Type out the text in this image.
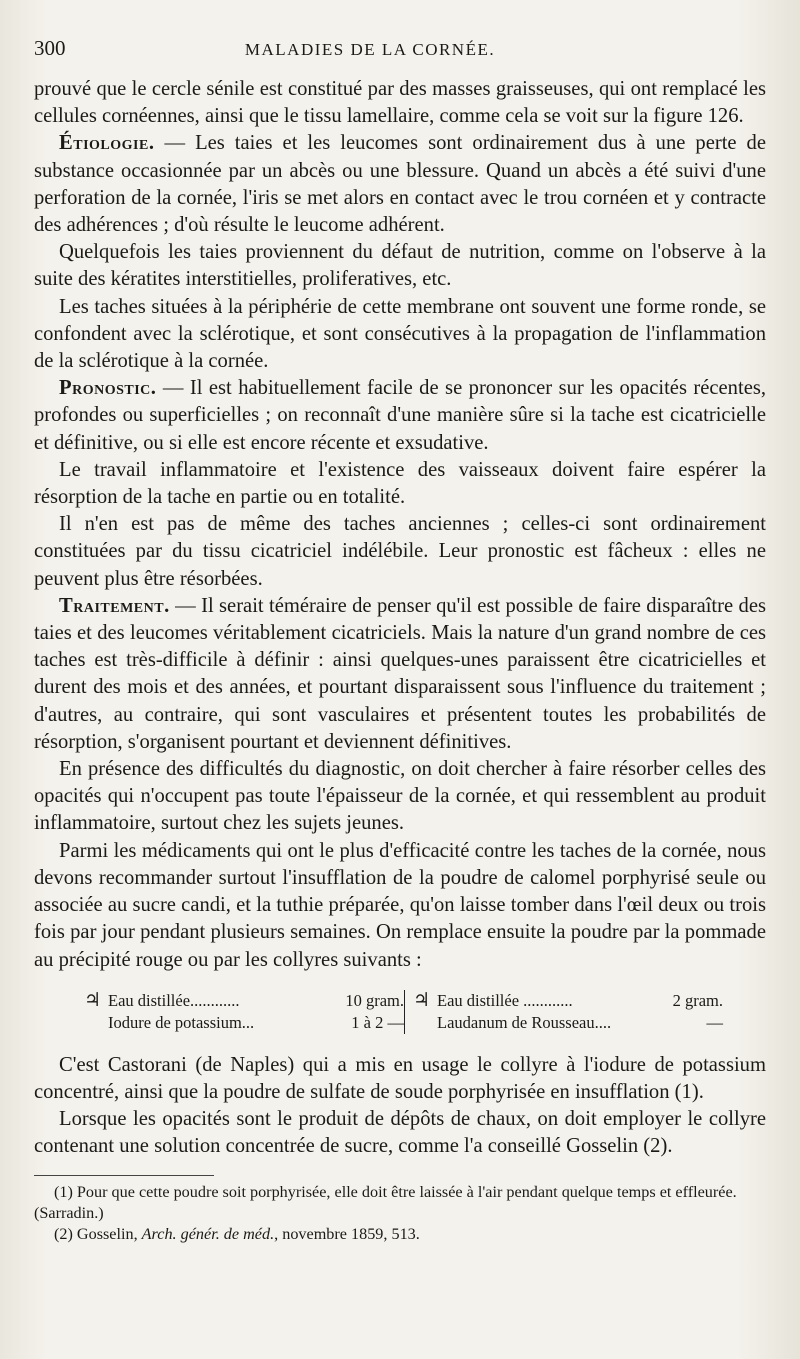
300	MALADIES DE LA CORNÉE.

prouvé que le cercle sénile est constitué par des masses graisseuses, qui ont remplacé les cellules cornéennes, ainsi que le tissu lamellaire, comme cela se voit sur la figure 126.

Étiologie. — Les taies et les leucomes sont ordinairement dus à une perte de substance occasionnée par un abcès ou une blessure. Quand un abcès a été suivi d'une perforation de la cornée, l'iris se met alors en contact avec le trou cornéen et y contracte des adhérences ; d'où résulte le leucome adhérent.

Quelquefois les taies proviennent du défaut de nutrition, comme on l'observe à la suite des kératites interstitielles, proliferatives, etc.

Les taches situées à la périphérie de cette membrane ont souvent une forme ronde, se confondent avec la sclérotique, et sont consécutives à la propagation de l'inflammation de la sclérotique à la cornée.

Pronostic. — Il est habituellement facile de se prononcer sur les opacités récentes, profondes ou superficielles ; on reconnaît d'une manière sûre si la tache est cicatricielle et définitive, ou si elle est encore récente et exsudative.

Le travail inflammatoire et l'existence des vaisseaux doivent faire espérer la résorption de la tache en partie ou en totalité.

Il n'en est pas de même des taches anciennes ; celles-ci sont ordinairement constituées par du tissu cicatriciel indélébile. Leur pronostic est fâcheux : elles ne peuvent plus être résorbées.

Traitement. — Il serait téméraire de penser qu'il est possible de faire disparaître des taies et des leucomes véritablement cicatriciels. Mais la nature d'un grand nombre de ces taches est très-difficile à définir : ainsi quelques-unes paraissent être cicatricielles et durent des mois et des années, et pourtant disparaissent sous l'influence du traitement ; d'autres, au contraire, qui sont vasculaires et présentent toutes les probabilités de résorption, s'organisent pourtant et deviennent définitives.

En présence des difficultés du diagnostic, on doit chercher à faire résorber celles des opacités qui n'occupent pas toute l'épaisseur de la cornée, et qui ressemblent au produit inflammatoire, surtout chez les sujets jeunes.

Parmi les médicaments qui ont le plus d'efficacité contre les taches de la cornée, nous devons recommander surtout l'insufflation de la poudre de calomel porphyrisé seule ou associée au sucre candi, et la tuthie préparée, qu'on laisse tomber dans l'œil deux ou trois fois par jour pendant plusieurs semaines. On remplace ensuite la poudre par la pommade au précipité rouge ou par les collyres suivants :

♃ Eau distillée............	10 gram.
Iodure de potassium...	1 à 2 —
♃ Eau distillée ............	2 gram.
Laudanum de Rousseau....	—

C'est Castorani (de Naples) qui a mis en usage le collyre à l'iodure de potassium concentré, ainsi que la poudre de sulfate de soude porphyrisée en insufflation (1).

Lorsque les opacités sont le produit de dépôts de chaux, on doit employer le collyre contenant une solution concentrée de sucre, comme l'a conseillé Gosselin (2).

(1) Pour que cette poudre soit porphyrisée, elle doit être laissée à l'air pendant quelque temps et effleurée. (Sarradin.)

(2) Gosselin, Arch. génér. de méd., novembre 1859, 513.
